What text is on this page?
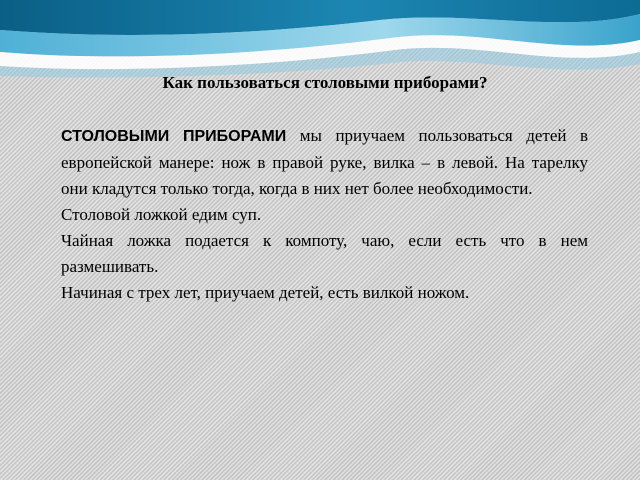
Как пользоваться столовыми приборами?

СТОЛОВЫМИ ПРИБОРАМИ мы приучаем пользоваться детей в европейской манере: нож в правой руке, вилка – в левой. На тарелку они кладутся только тогда, когда в них нет более необходимости.

Столовой ложкой едим суп.

Чайная ложка подается к компоту, чаю, если есть что в нем размешивать.

Начиная с трех лет, приучаем детей, есть вилкой ножом.
